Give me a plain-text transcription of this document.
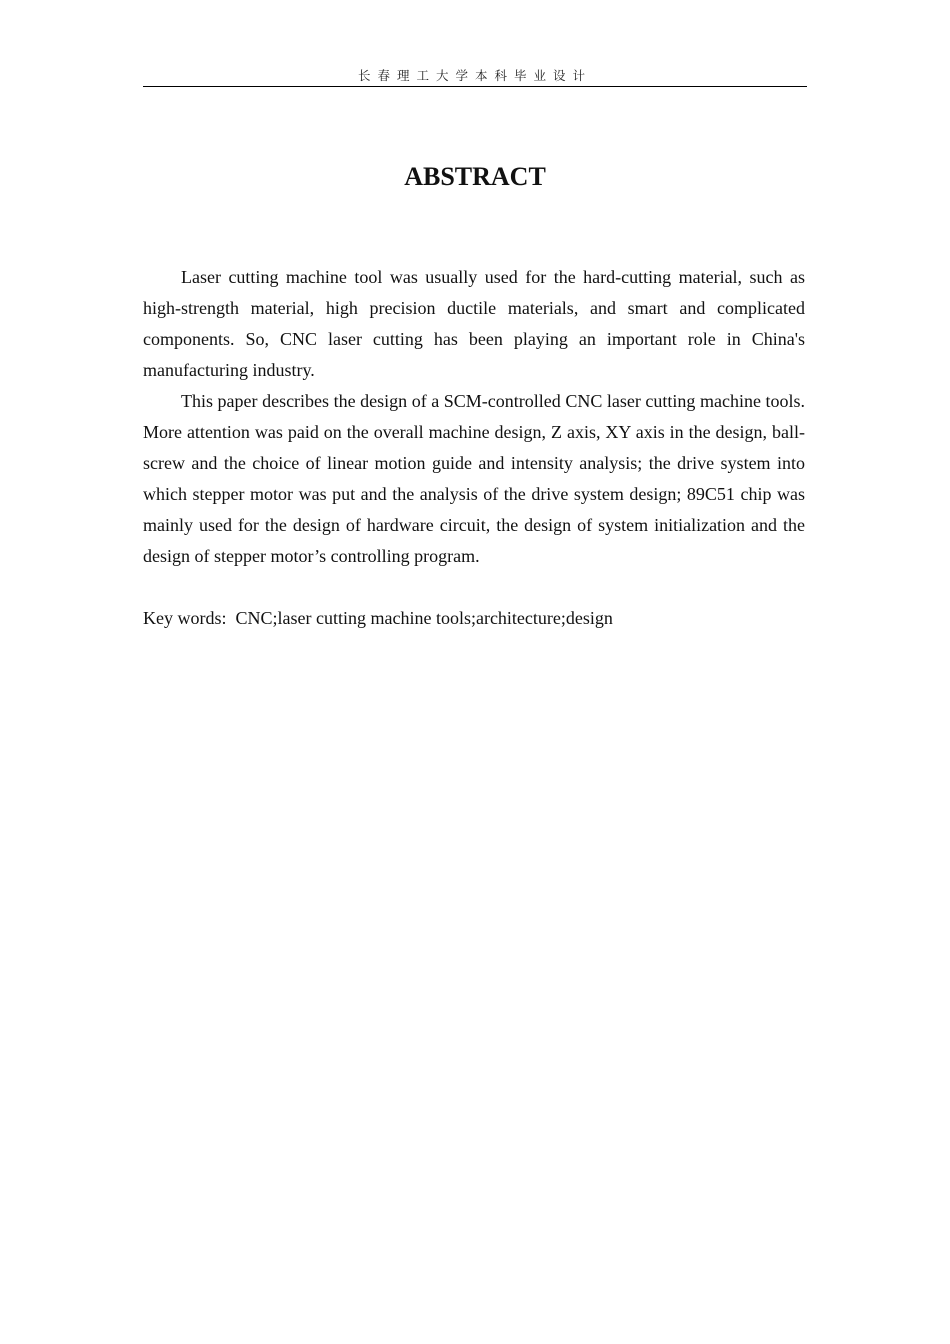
长春理工大学本科毕业设计
ABSTRACT

Laser cutting machine tool was usually used for the hard-cutting material, such as high-strength material, high precision ductile materials, and smart and complicated components. So, CNC laser cutting has been playing an important role in China's manufacturing industry.

This paper describes the design of a SCM-controlled CNC laser cutting machine tools. More attention was paid on the overall machine design, Z axis, XY axis in the design, ball-screw and the choice of linear motion guide and intensity analysis; the drive system into which stepper motor was put and the analysis of the drive system design; 89C51 chip was mainly used for the design of hardware circuit, the design of system initialization and the design of stepper motor’s controlling program.

Key words:  CNC;laser cutting machine tools;architecture;design
